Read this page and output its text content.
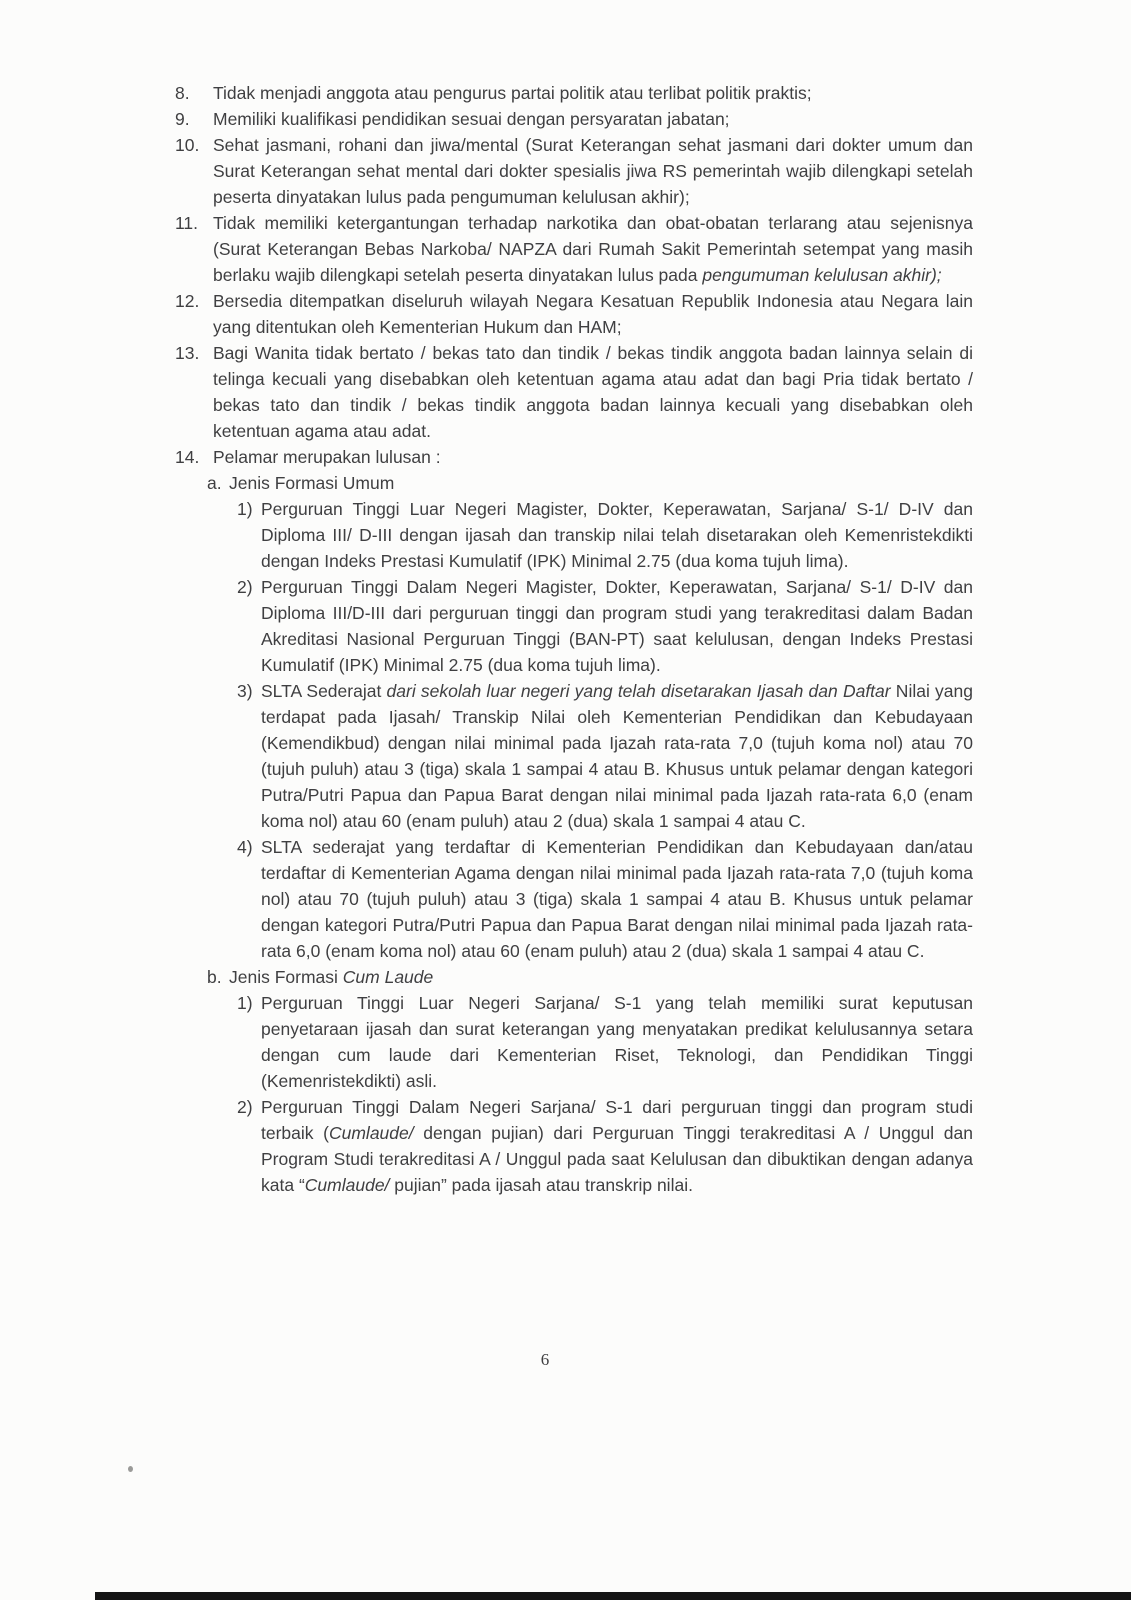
8.	Tidak menjadi anggota atau pengurus partai politik atau terlibat politik praktis;
9.	Memiliki kualifikasi pendidikan sesuai dengan persyaratan jabatan;
10. Sehat jasmani, rohani dan jiwa/mental (Surat Keterangan sehat jasmani dari dokter umum dan Surat Keterangan sehat mental dari dokter spesialis jiwa RS pemerintah wajib dilengkapi setelah peserta dinyatakan lulus pada pengumuman kelulusan akhir);
11. Tidak memiliki ketergantungan terhadap narkotika dan obat-obatan terlarang atau sejenisnya (Surat Keterangan Bebas Narkoba/ NAPZA dari Rumah Sakit Pemerintah setempat yang masih berlaku wajib dilengkapi setelah peserta dinyatakan lulus pada pengumuman kelulusan akhir);
12. Bersedia ditempatkan diseluruh wilayah Negara Kesatuan Republik Indonesia atau Negara lain yang ditentukan oleh Kementerian Hukum dan HAM;
13. Bagi Wanita tidak bertato / bekas tato dan tindik / bekas tindik anggota badan lainnya selain di telinga kecuali yang disebabkan oleh ketentuan agama atau adat dan bagi Pria tidak bertato / bekas tato dan tindik / bekas tindik anggota badan lainnya kecuali yang disebabkan oleh ketentuan agama atau adat.
14. Pelamar merupakan lulusan :
a. Jenis Formasi Umum
1) Perguruan Tinggi Luar Negeri Magister, Dokter, Keperawatan, Sarjana/ S-1/ D-IV dan Diploma III/ D-III dengan ijasah dan transkip nilai telah disetarakan oleh Kemenristekdikti dengan Indeks Prestasi Kumulatif (IPK) Minimal 2.75 (dua koma tujuh lima).
2) Perguruan Tinggi Dalam Negeri Magister, Dokter, Keperawatan, Sarjana/ S-1/ D-IV dan Diploma III/D-III dari perguruan tinggi dan program studi yang terakreditasi dalam Badan Akreditasi Nasional Perguruan Tinggi (BAN-PT) saat kelulusan, dengan Indeks Prestasi Kumulatif (IPK) Minimal 2.75 (dua koma tujuh lima).
3) SLTA Sederajat dari sekolah luar negeri yang telah disetarakan Ijasah dan Daftar Nilai yang terdapat pada Ijasah/ Transkip Nilai oleh Kementerian Pendidikan dan Kebudayaan (Kemendikbud) dengan nilai minimal pada Ijazah rata-rata 7,0 (tujuh koma nol) atau 70 (tujuh puluh) atau 3 (tiga) skala 1 sampai 4 atau B. Khusus untuk pelamar dengan kategori Putra/Putri Papua dan Papua Barat dengan nilai minimal pada Ijazah rata-rata 6,0 (enam koma nol) atau 60 (enam puluh) atau 2 (dua) skala 1 sampai 4 atau C.
4) SLTA sederajat yang terdaftar di Kementerian Pendidikan dan Kebudayaan dan/atau terdaftar di Kementerian Agama dengan nilai minimal pada Ijazah rata-rata 7,0 (tujuh koma nol) atau 70 (tujuh puluh) atau 3 (tiga) skala 1 sampai 4 atau B. Khusus untuk pelamar dengan kategori Putra/Putri Papua dan Papua Barat dengan nilai minimal pada Ijazah rata-rata 6,0 (enam koma nol) atau 60 (enam puluh) atau 2 (dua) skala 1 sampai 4 atau C.
b. Jenis Formasi Cum Laude
1) Perguruan Tinggi Luar Negeri Sarjana/ S-1 yang telah memiliki surat keputusan penyetaraan ijasah dan surat keterangan yang menyatakan predikat kelulusannya setara dengan cum laude dari Kementerian Riset, Teknologi, dan Pendidikan Tinggi (Kemenristekdikti) asli.
2) Perguruan Tinggi Dalam Negeri Sarjana/ S-1 dari perguruan tinggi dan program studi terbaik (Cumlaude/ dengan pujian) dari Perguruan Tinggi terakreditasi A / Unggul dan Program Studi terakreditasi A / Unggul pada saat Kelulusan dan dibuktikan dengan adanya kata “Cumlaude/ pujian” pada ijasah atau transkrip nilai.
6
